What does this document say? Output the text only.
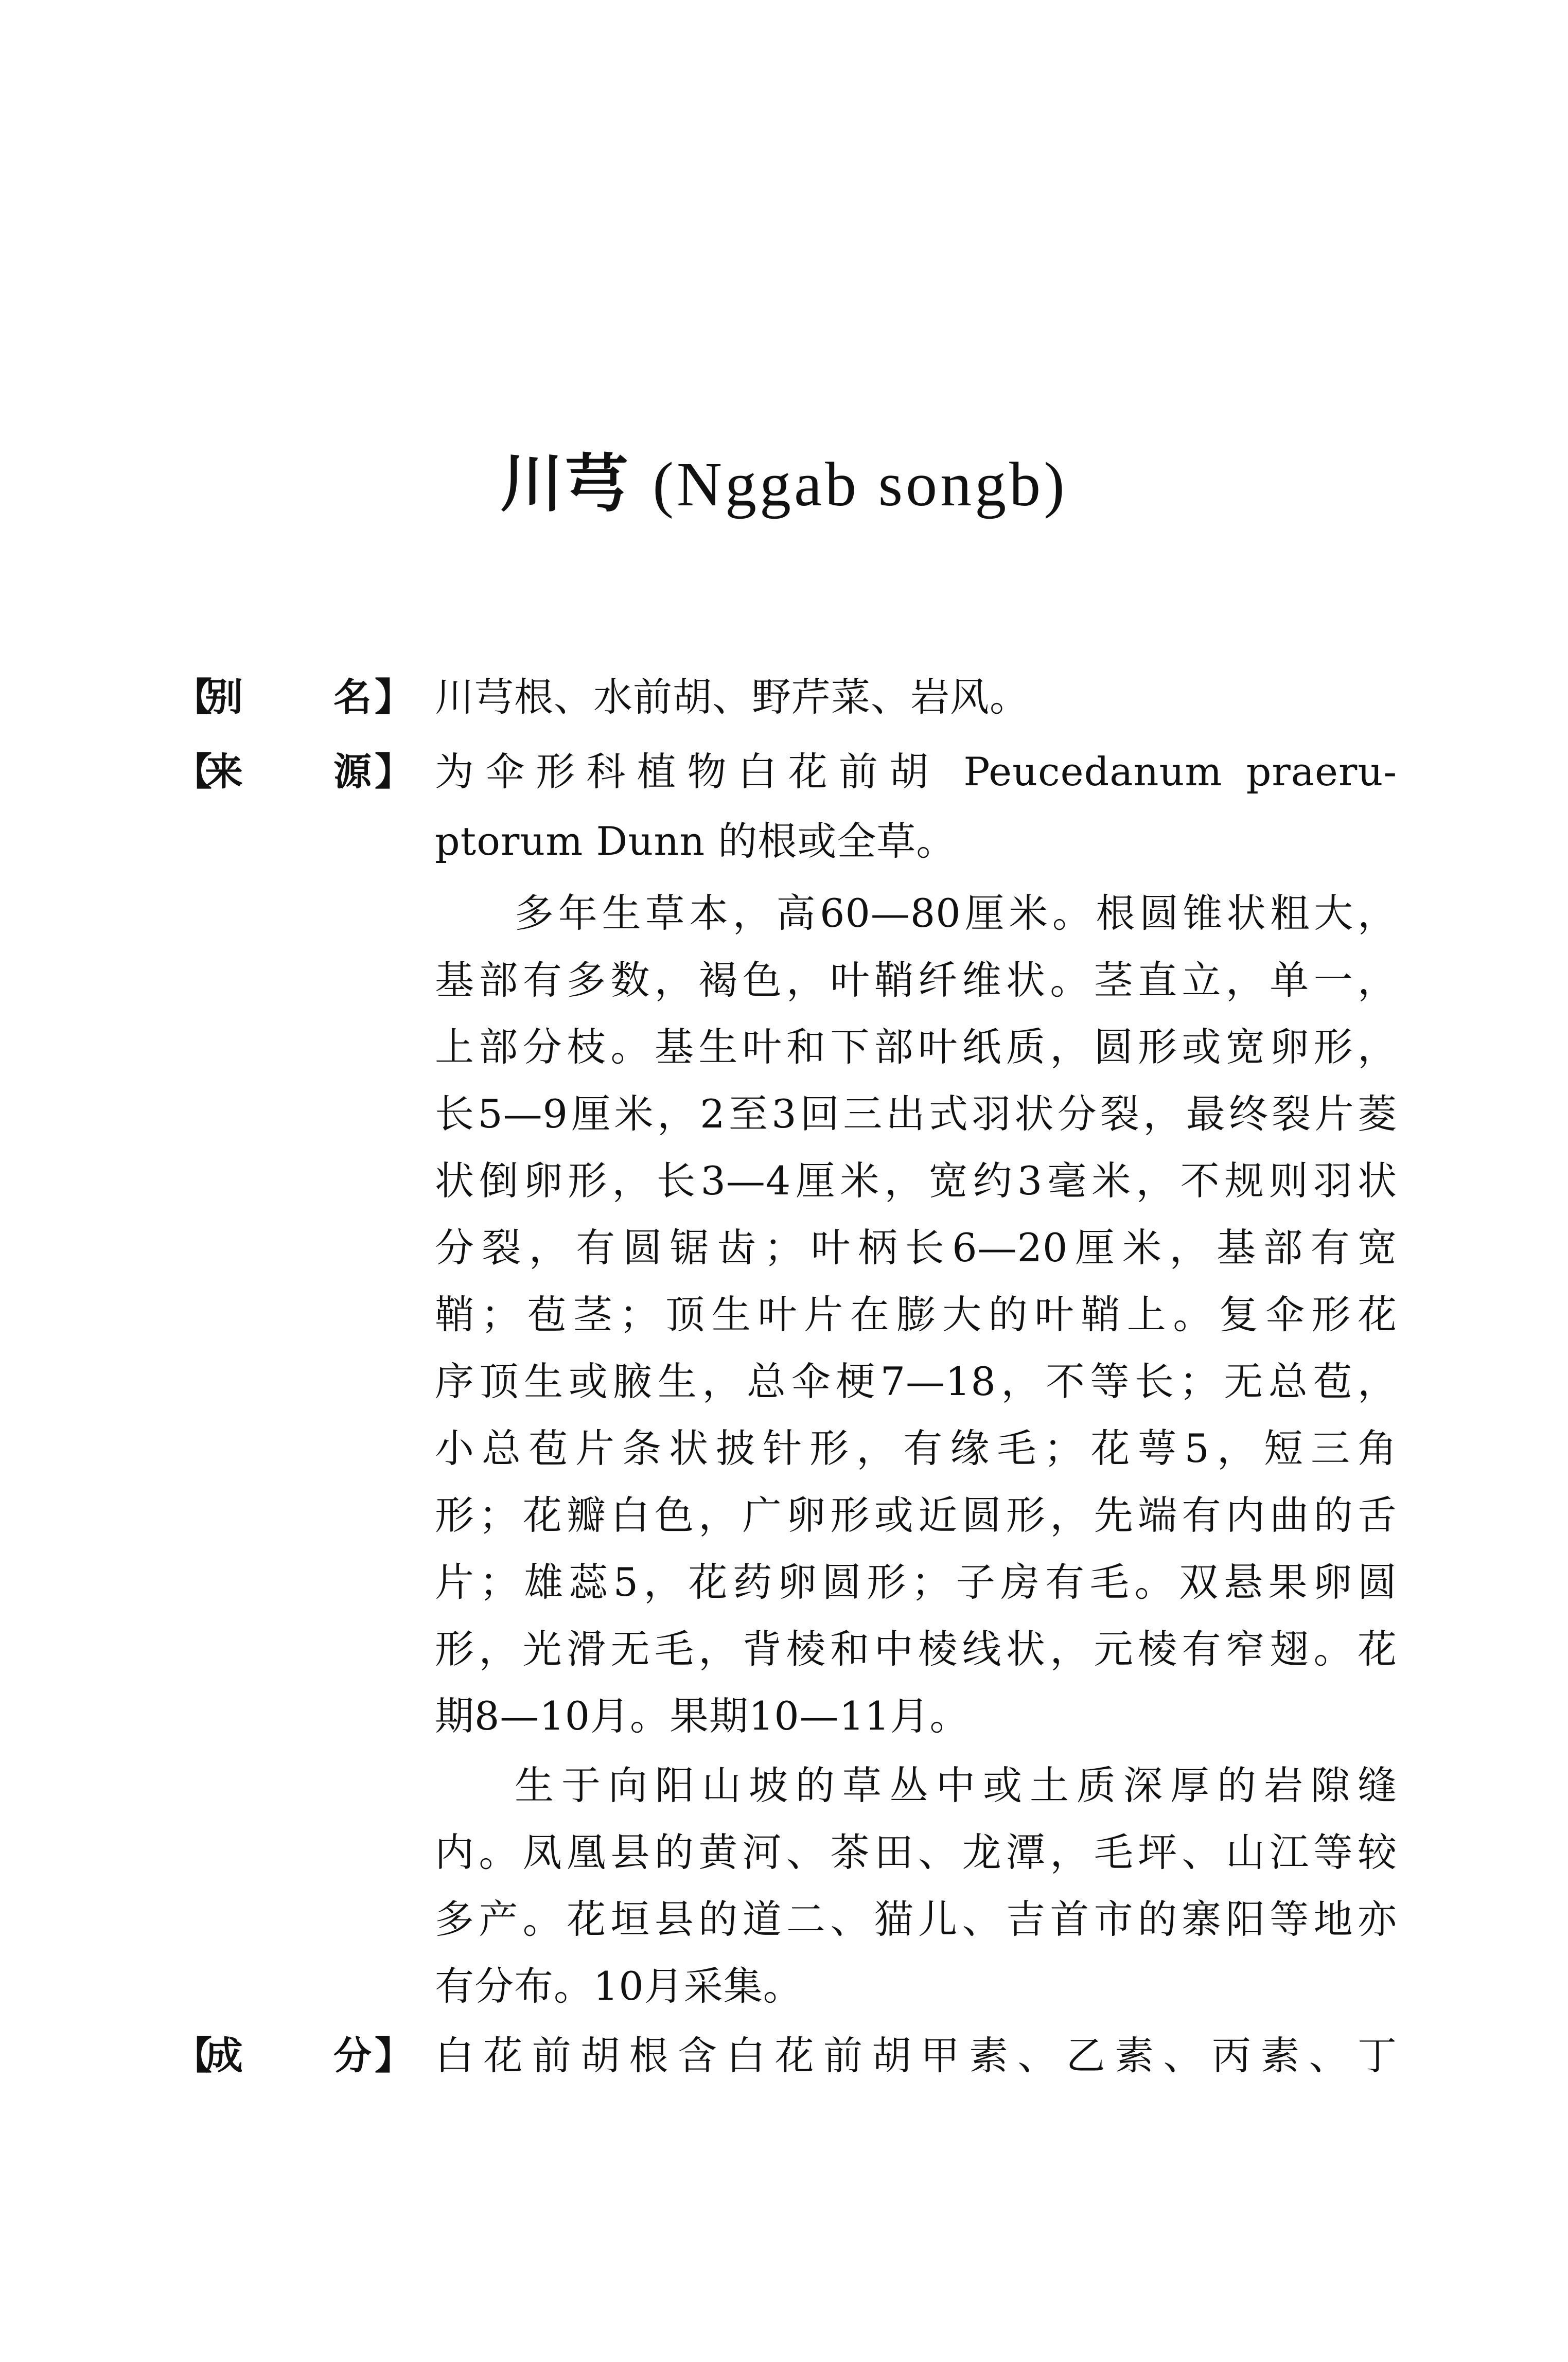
川芎 (Nggab songb)
【
别 名 】 川芎根、水前胡、野芹菜、岩风。
【
来 源 】 为伞形科植物白花前胡 Peucedanum praeru-
ptorum Dunn 的根或全草。
多年生草本，高60—80厘米。根圆锥状粗大，
基部有多数，褐色，叶鞘纤维状。茎直立，单一，
上部分枝。基生叶和下部叶纸质，圆形或宽卵形，
长5—9厘米，2至3回三出式羽状分裂，最终裂片菱
状倒卵形，长3—4厘米，宽约3毫米，不规则羽状
分裂，有圆锯齿；叶柄长6—20厘米，基部有宽
鞘；苞茎；顶生叶片在膨大的叶鞘上。复伞形花
序顶生或腋生，总伞梗7—18，不等长；无总苞，
小总苞片条状披针形，有缘毛；花萼5，短三角
形；花瓣白色，广卵形或近圆形，先端有内曲的舌
片；雄蕊5，花药卵圆形；子房有毛。双悬果卵圆
形，光滑无毛，背棱和中棱线状，元棱有窄翅。花
期8—10月。果期10—11月。
生于向阳山坡的草丛中或土质深厚的岩隙缝
内。凤凰县的黄河、茶田、龙潭，毛坪、山江等较
多产。花垣县的道二、猫儿、吉首市的寨阳等地亦
有分布。10月采集。
【
成 分 】 白花前胡根含白花前胡甲素、乙素、丙素、丁
